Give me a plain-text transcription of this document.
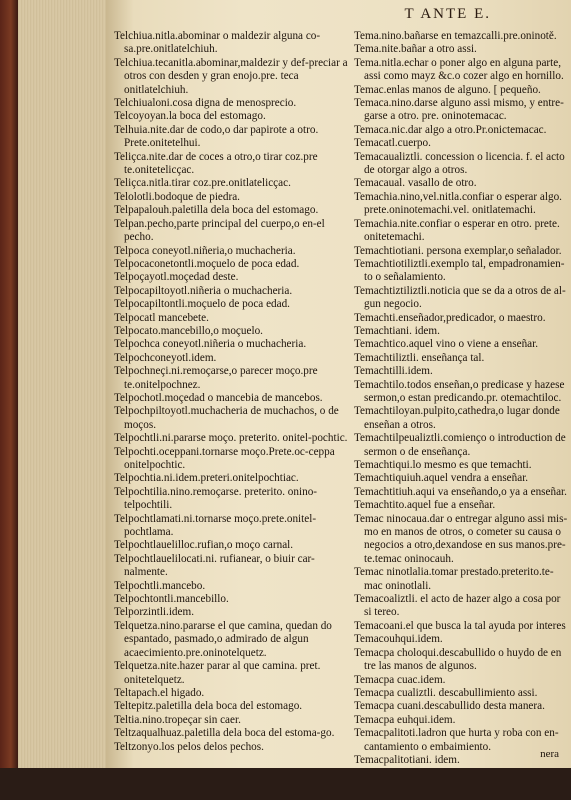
T ANTE E.
Telchiua.nitla.abominar o maldezir alguna co-sa.pre.onitlatelchiuh.
Telchiua.tecanitla.abominar,maldezir y def-preciar a otros con desden y gran enojo.pre. teca onitlatelchiuh.
Telchiualoni.cosa digna de menospreciо.
Telcoyoyan.la boca del estomago.
Telhuia.nite.dar de codo,o dar papirote a otro. Prete.onitetelhui.
Teliçca.nite.dar de coces a otro,o tirar coz.pre te.onitetelicçac.
Teliçca.nitla.tirar coz.pre.onitlatelicçac.
Telolotli.bodoque de piedra.
Telpapalouh.paletilla dela boca del estomago.
Telpan.pecho,parte principal del cuerpo,o en-el pecho.
Telpoca coneyotl.niñeria,o muchacheria.
Telpocaconetontli.moçuelo de poca edad.
Telpoçayotl.moçedad deste.
Telpocapiltoyotl.niñeria o muchacheria.
Telpocapiltontli.moçuelo de poca edad.
Telpocatl mancebete.
Telpocato.mancebillo,o moçuelo.
Telpochca coneyotl.niñeria o muchacheria.
Telpochconeyotl.idem.
Telpochneçi.ni.remoçarse,o parecer moço.pre te.onitelpochnez.
Telpochotl.moçedad o mancebia de mancebos.
Telpochpiltoyotl.muchacheria de muchachos, o de moços.
Telpochtli.ni.pararse moço. preterito. onitel-pochtic.
Telpochti.oceppani.tornarse moço.Prete.oc-ceppa onitelpochtic.
Telpochtia.ni.idem.preteri.onitelpochtiac.
Telpochtilia.nino.remoçarse. preterito. onino-telpochtili.
Telpochtlamati.ni.tornarse moço.prete.onitel-pochtlama.
Telpochtlauelilloc.rufian,o moço carnal.
Telpochtlauelilocati.ni. rufianear, o biuir car-nalmente.
Telpochtli.mancebo.
Telpochtontli.mancebillo.
Telporzintli.idem.
Telquetza.nino.pararse el que camina, quedan do espantado, pasmado,o admirado de algun acaecimiento.pre.oninotelquetz.
Telquetza.nite.hazer parar al que camina. pret. onitetelquetz.
Teltapach.el higado.
Teltepitz.paletilla dela boca del estomago.
Teltia.nino.tropeçar sin caer.
Teltzaqualhuaz.paletilla dela boca del estoma-go.
Teltzonyo.los pelos delos pechos.
Tema.nino.bañarse en temazcalli.pre.oninotě.
Tema.nite.bañar a otro assi.
Tema.nitla.echar o poner algo en alguna parte, assi como mayz &c.o cozer algo en hornillo.
Temac.enlas manos de alguno. [ pequeño.
Temaca.nino.darse alguno assi mismo, y entre-garse a otro. pre. oninotemacac.
Temaca.nic.dar algo a otro.Pr.onictemacac.
Temacatl.cuerpo.
Temacaualiztli. concession o licencia. f. el acto de otorgar algo a otros.
Temacaual. vasallo de otro.
Temachia.nino,vel.nitla.confiar o esperar algo. prete.oninotemachi.vel. onitlatemachi.
Temachia.nite.confiar o esperar en otro. prete. onitetemachi.
Temachtiotiani. persona exemplar,o señalador.
Temachtiotiliztli.exemplo tal, empadronamien-to o señalamiento.
Temachtiztiliztli.noticia que se da a otros de al-gun negocio.
Temachti.enseñador,predicador, o maestro.
Temachtiani. idem.
Temachtico.aquel vino o viene a enseñar.
Temachtiliztli. enseñança tal.
Temachtilli.idem.
Temachtilo.todos enseñan,o predicase y hazese sermon,o estan predicando.pr. otemachtiloc.
Temachtiloyan.pulpito,cathedra,o lugar donde enseñan a otros.
Temachtilpeualiztli.comienço o introduction de sermon o de enseñança.
Temachtiqui.lo mesmo es que temachti.
Temachtiquiuh.aquel vendra a enseñar.
Temachtitiuh.aqui va enseñando,o ya a enseñar.
Temachtito.aquel fue a enseñar.
Temac ninocaua.dar o entregar alguno assi mis-mo en manos de otros, o cometer su causa o negocios a otro,dexandose en sus manos.pre-te.temac oninocauh.
Temac ninotlalia.tomar prestado.preterito.te-mac oninotlali.
Temacoaliztli. el acto de hazer algo a cosa por si tereo.
Temacoani.el que busca la tal ayuda por interes
Temacouhqui.idem.
Temacpa choloqui.descabullido o huydo de en tre las manos de algunos.
Temacpa cuac.idem.
Temacpa cualiztli. descabullimiento assi.
Temacpa cuani.descabullido desta manera.
Temacpa euhqui.idem.
Temacpalitoti.ladron que hurta y roba con en-cantamiento o embaimiento.
Temacpalitotiani. idem.	nera
